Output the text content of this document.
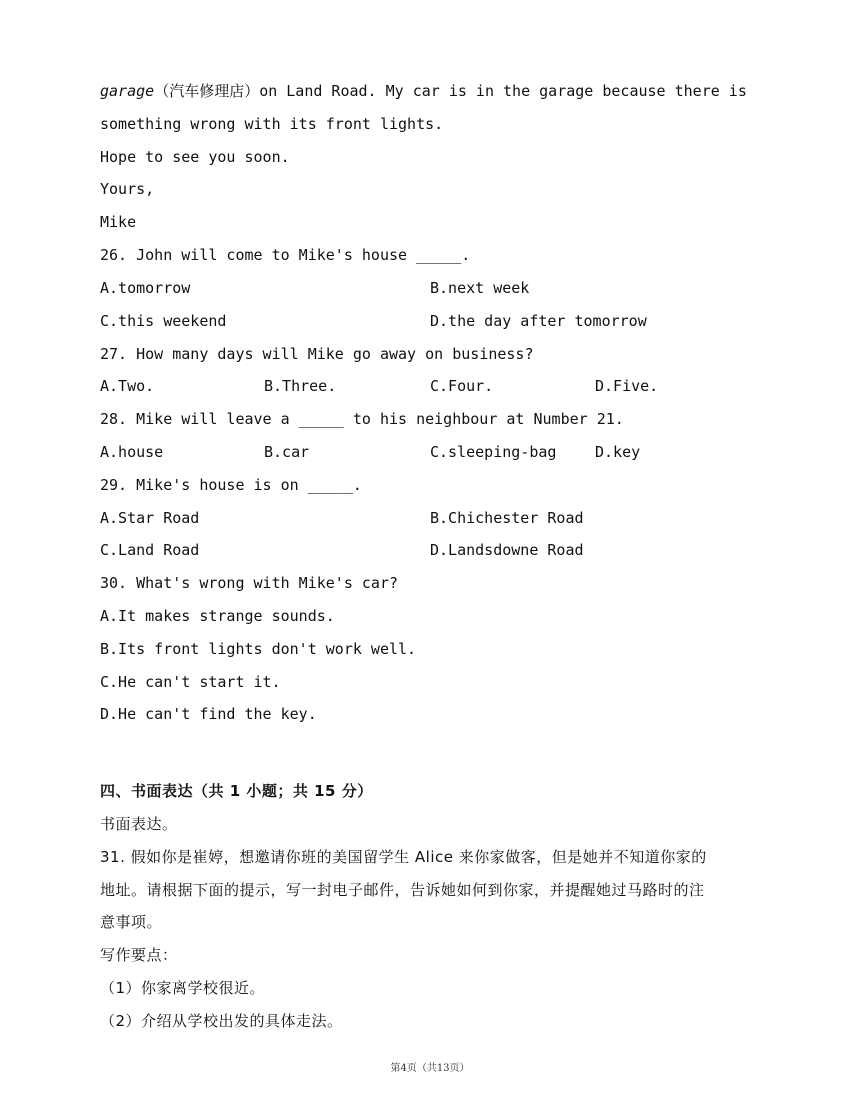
garage（汽车修理店）on Land Road. My car is in the garage because there is
something wrong with its front lights.
Hope to see you soon.
Yours,
Mike
26. John will come to Mike's house _____.
A.tomorrow	B.next week
C.this weekend	D.the day after tomorrow
27. How many days will Mike go away on business?
A.Two.	B.Three.	C.Four.	D.Five.
28. Mike will leave a _____ to his neighbour at Number 21.
A.house	B.car	C.sleeping-bag	D.key
29. Mike's house is on _____.
A.Star Road	B.Chichester Road
C.Land Road	D.Landsdowne Road
30. What's wrong with Mike's car?
A.It makes strange sounds.
B.Its front lights don't work well.
C.He can't start it.
D.He can't find the key.
四、书面表达（共 1 小题；共 15 分）
书面表达。
31. 假如你是崔婷，想邀请你班的美国留学生 Alice 来你家做客，但是她并不知道你家的
地址。请根据下面的提示，写一封电子邮件，告诉她如何到你家，并提醒她过马路时的注
意事项。
写作要点：
（1）你家离学校很近。
（2）介绍从学校出发的具体走法。
第4页（共13页）
